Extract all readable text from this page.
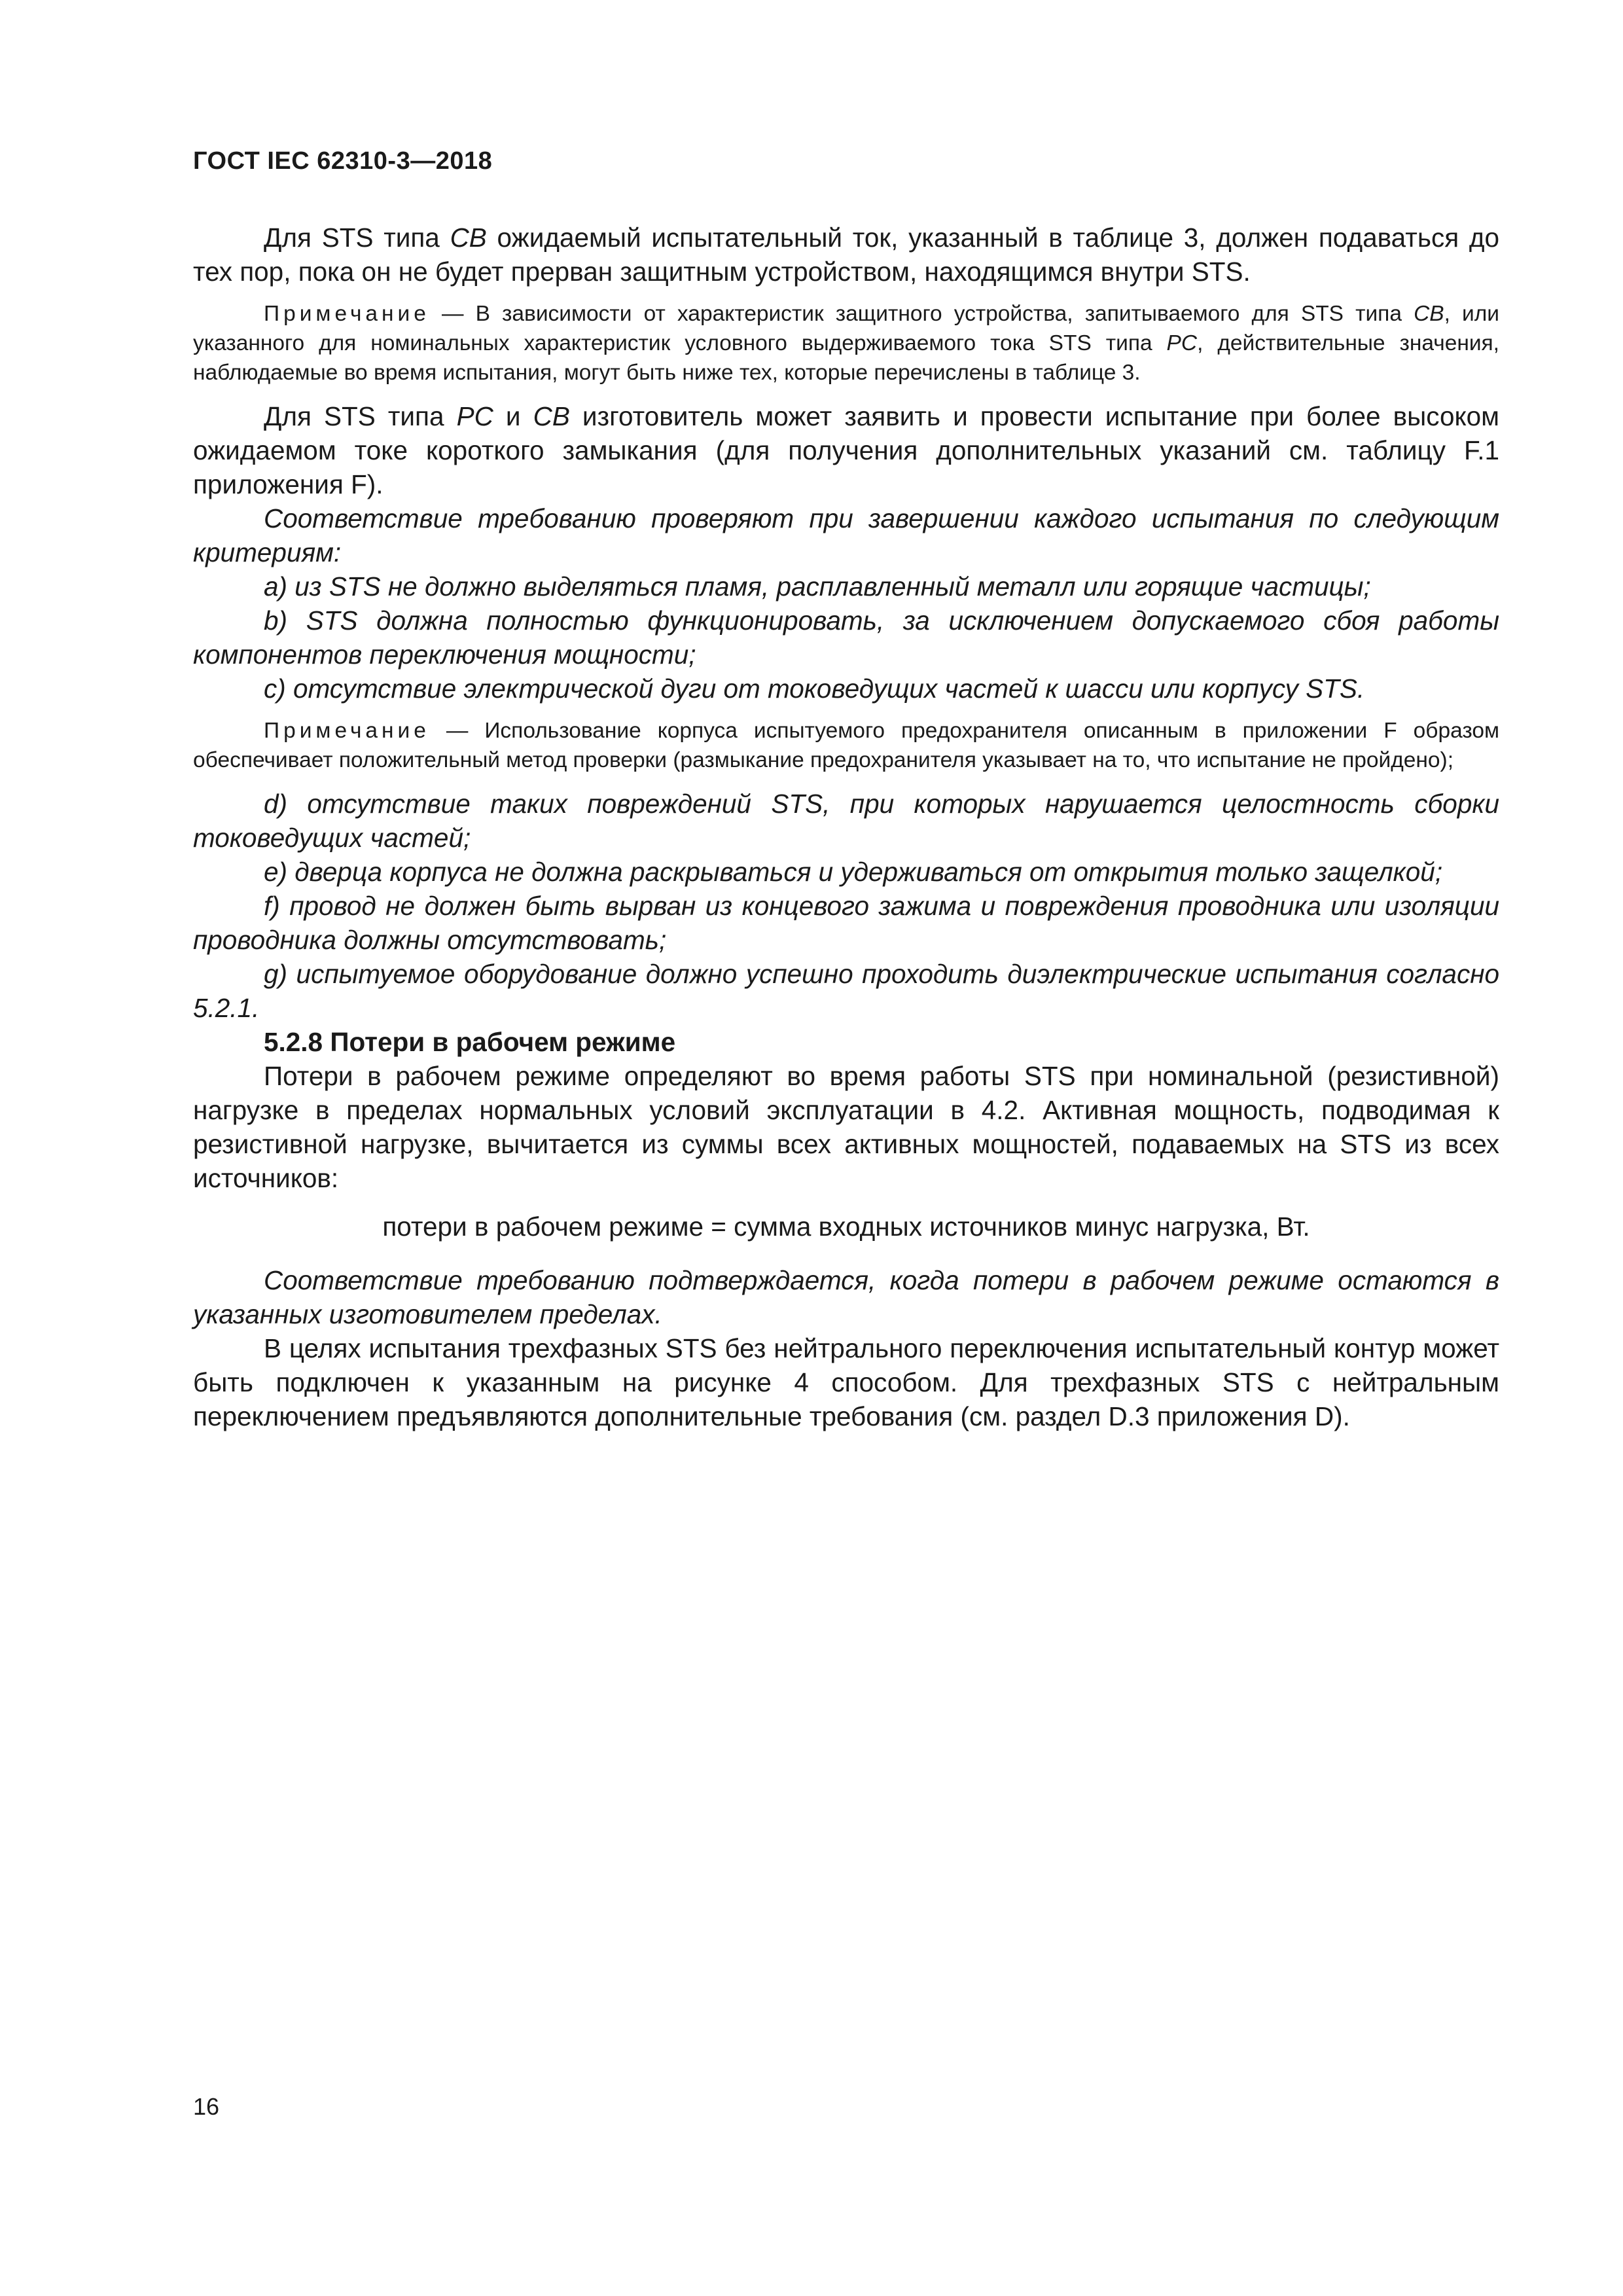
ГОСТ IEC 62310-3—2018

Для STS типа CB ожидаемый испытательный ток, указанный в таблице 3, должен подаваться до тех пор, пока он не будет прерван защитным устройством, находящимся внутри STS.

Примечание — В зависимости от характеристик защитного устройства, запитываемого для STS типа CB, или указанного для номинальных характеристик условного выдерживаемого тока STS типа PC, действительные значения, наблюдаемые во время испытания, могут быть ниже тех, которые перечислены в таблице 3.

Для STS типа PC и CB изготовитель может заявить и провести испытание при более высоком ожидаемом токе короткого замыкания (для получения дополнительных указаний см. таблицу F.1 приложения F).

Соответствие требованию проверяют при завершении каждого испытания по следующим критериям:

a) из STS не должно выделяться пламя, расплавленный металл или горящие частицы;

b) STS должна полностью функционировать, за исключением допускаемого сбоя работы компонентов переключения мощности;

c) отсутствие электрической дуги от токоведущих частей к шасси или корпусу STS.

Примечание — Использование корпуса испытуемого предохранителя описанным в приложении F образом обеспечивает положительный метод проверки (размыкание предохранителя указывает на то, что испытание не пройдено);

d) отсутствие таких повреждений STS, при которых нарушается целостность сборки токоведущих частей;

e) дверца корпуса не должна раскрываться и удерживаться от открытия только защелкой;

f) провод не должен быть вырван из концевого зажима и повреждения проводника или изоляции проводника должны отсутствовать;

g) испытуемое оборудование должно успешно проходить диэлектрические испытания согласно 5.2.1.

5.2.8 Потери в рабочем режиме

Потери в рабочем режиме определяют во время работы STS при номинальной (резистивной) нагрузке в пределах нормальных условий эксплуатации в 4.2. Активная мощность, подводимая к резистивной нагрузке, вычитается из суммы всех активных мощностей, подаваемых на STS из всех источников:

потери в рабочем режиме = сумма входных источников минус нагрузка, Вт.

Соответствие требованию подтверждается, когда потери в рабочем режиме остаются в указанных изготовителем пределах.

В целях испытания трехфазных STS без нейтрального переключения испытательный контур может быть подключен к указанным на рисунке 4 способом. Для трехфазных STS с нейтральным переключением предъявляются дополнительные требования (см. раздел D.3 приложения D).

16
